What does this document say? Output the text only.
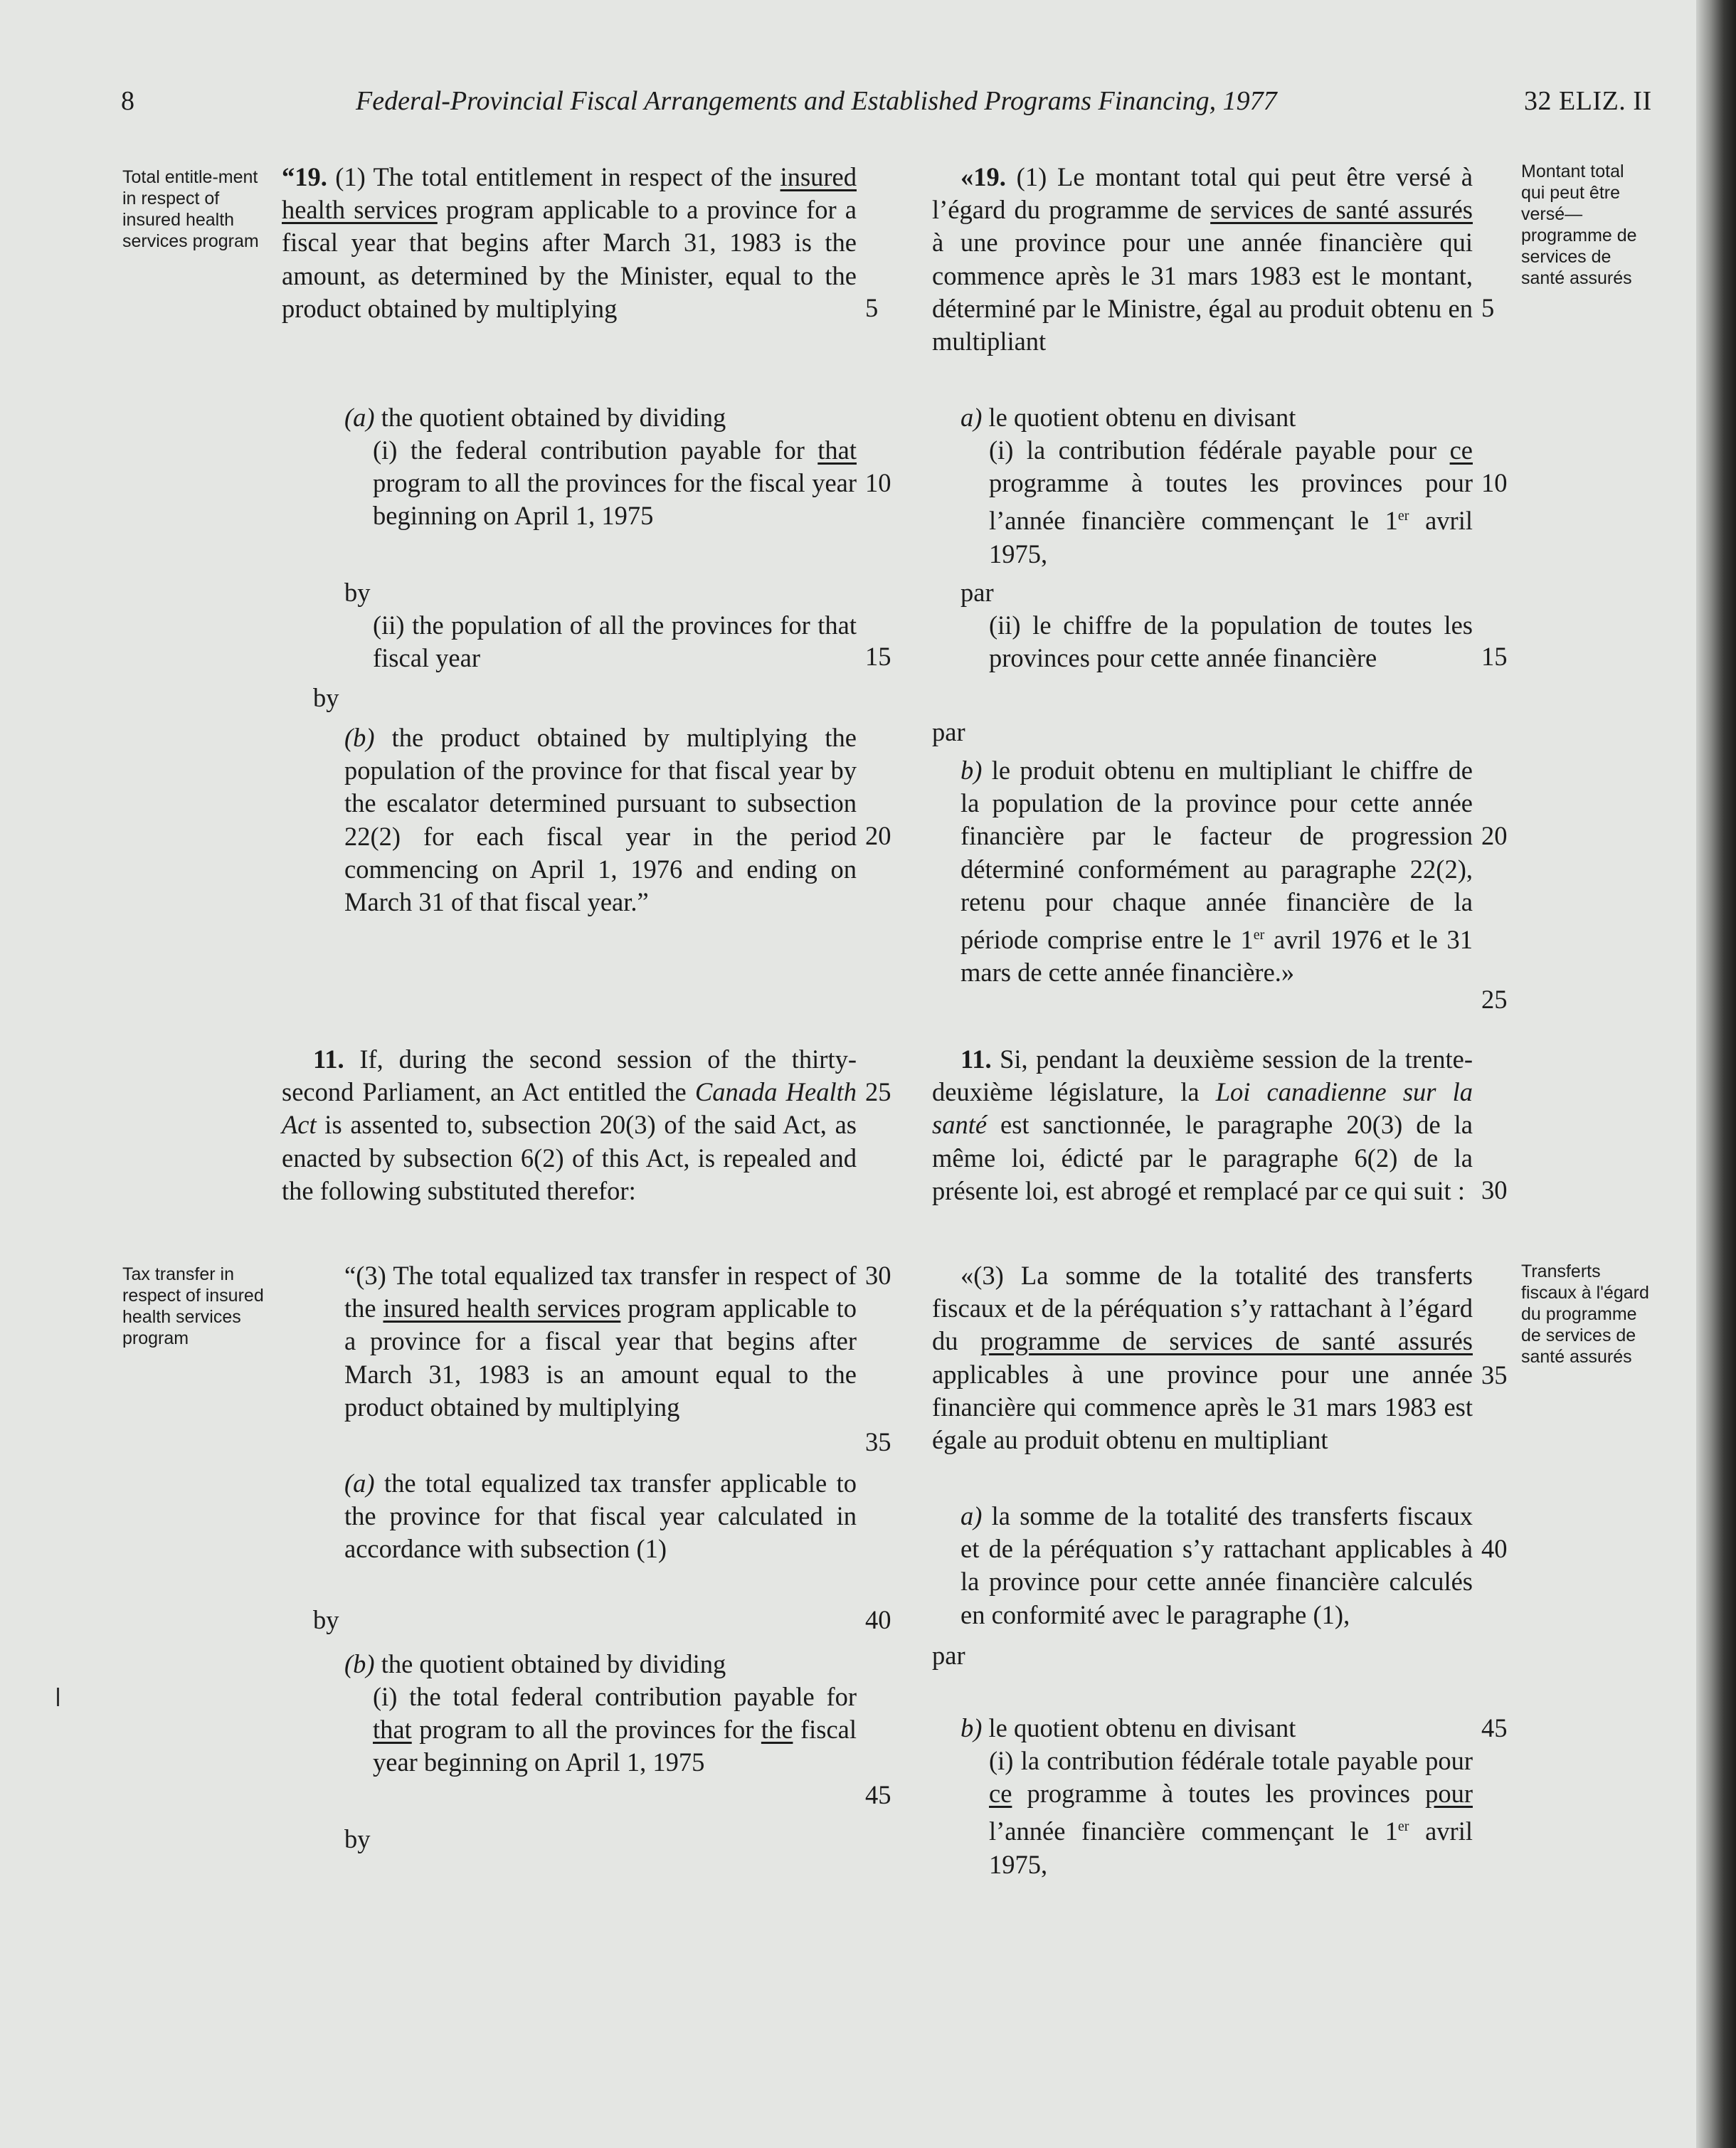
8	Federal-Provincial Fiscal Arrangements and Established Programs Financing, 1977	32 ELIZ. II
Total entitle-ment in respect of insured health services program
Montant total qui peut être versé—programme de services de santé assurés
Tax transfer in respect of insured health services program
Transferts fiscaux à l'égard du programme de services de santé assurés
“19. (1) The total entitlement in respect of the insured health services program applicable to a province for a fiscal year that begins after March 31, 1983 is the amount, as determined by the Minister, equal to the product obtained by multiplying
(a) the quotient obtained by dividing
(i) the federal contribution payable for that program to all the provinces for the fiscal year beginning on April 1, 1975
by
(ii) the population of all the provinces for that fiscal year
by
(b) the product obtained by multiplying the population of the province for that fiscal year by the escalator determined pursuant to subsection 22(2) for each fiscal year in the period commencing on April 1, 1976 and ending on March 31 of that fiscal year.”
11. If, during the second session of the thirty-second Parliament, an Act entitled the Canada Health Act is assented to, subsection 20(3) of the said Act, as enacted by subsection 6(2) of this Act, is repealed and the following substituted therefor:
“(3) The total equalized tax transfer in respect of the insured health services program applicable to a province for a fiscal year that begins after March 31, 1983 is an amount equal to the product obtained by multiplying
(a) the total equalized tax transfer applicable to the province for that fiscal year calculated in accordance with subsection (1)
by
(b) the quotient obtained by dividing
(i) the total federal contribution payable for that program to all the provinces for the fiscal year beginning on April 1, 1975
by
5
10
15
20
25
30
35
40
45
«19. (1) Le montant total qui peut être versé à l’égard du programme de services de santé assurés à une province pour une année financière qui commence après le 31 mars 1983 est le montant, déterminé par le Ministre, égal au produit obtenu en multipliant
a) le quotient obtenu en divisant
(i) la contribution fédérale payable pour ce programme à toutes les provinces pour l’année financière commençant le 1er avril 1975,
par
(ii) le chiffre de la population de toutes les provinces pour cette année financière
par
b) le produit obtenu en multipliant le chiffre de la population de la province pour cette année financière par le facteur de progression déterminé conformément au paragraphe 22(2), retenu pour chaque année financière de la période comprise entre le 1er avril 1976 et le 31 mars de cette année financière.»
11. Si, pendant la deuxième session de la trente-deuxième législature, la Loi canadienne sur la santé est sanctionnée, le paragraphe 20(3) de la même loi, édicté par le paragraphe 6(2) de la présente loi, est abrogé et remplacé par ce qui suit :
«(3) La somme de la totalité des transferts fiscaux et de la péréquation s’y rattachant à l’égard du programme de services de santé assurés applicables à une province pour une année financière qui commence après le 31 mars 1983 est égale au produit obtenu en multipliant
a) la somme de la totalité des transferts fiscaux et de la péréquation s’y rattachant applicables à la province pour cette année financière calculés en conformité avec le paragraphe (1),
par
b) le quotient obtenu en divisant
(i) la contribution fédérale totale payable pour ce programme à toutes les provinces pour l’année financière commençant le 1er avril 1975,
5
10
15
20
25
30
35
40
45
